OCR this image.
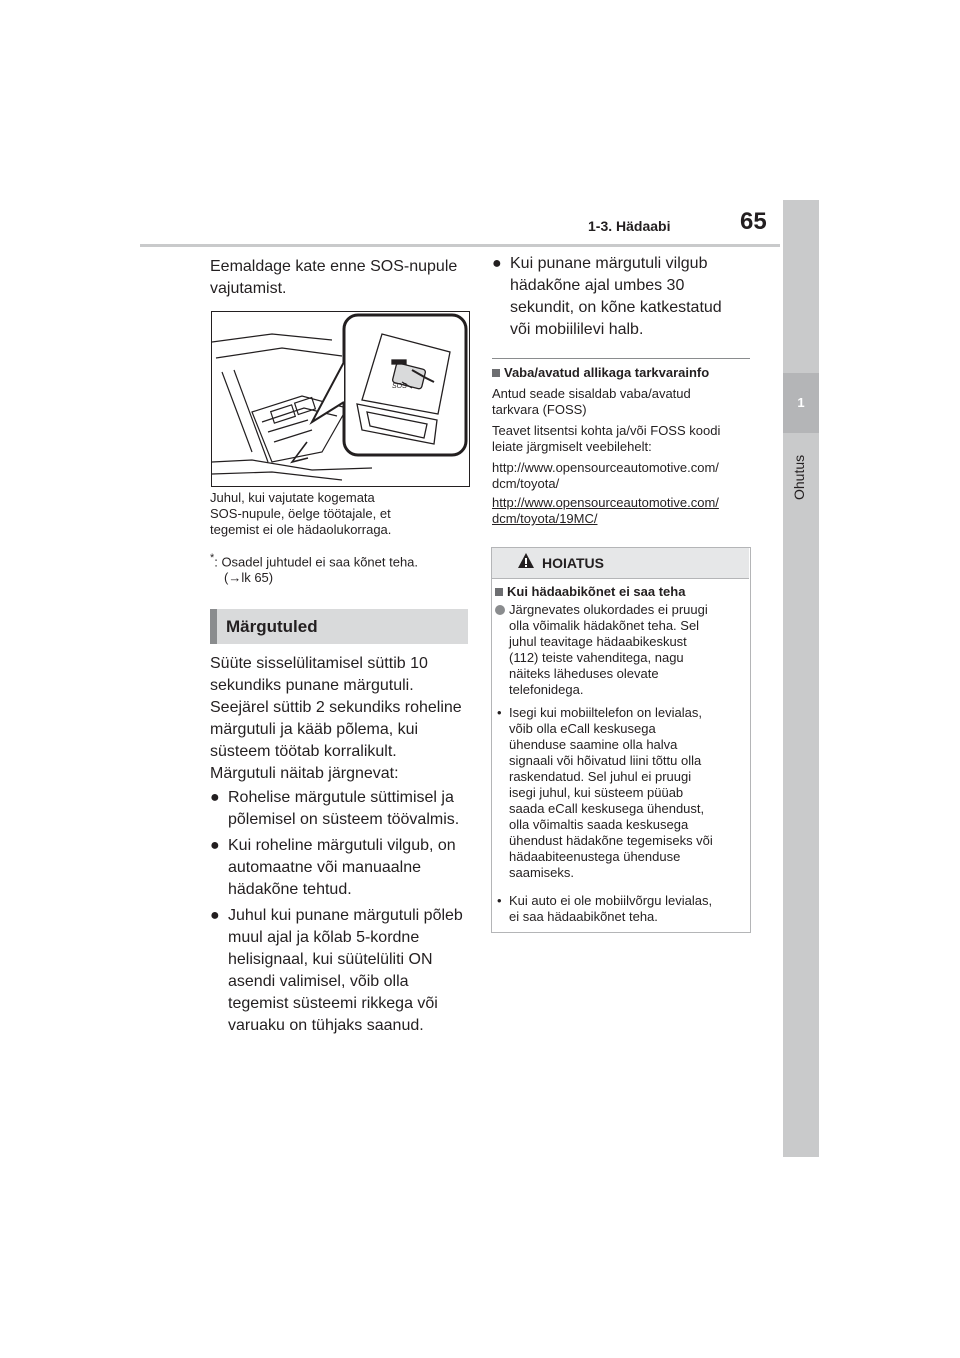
1-3. Hädaabi	65
1
Ohutus
Eemaldage kate enne SOS-nupule
vajutamist.
SOS
Juhul, kui vajutate kogemata
SOS-nupule, öelge töötajale, et
tegemist ei ole hädaolukorraga.
*: Osadel juhtudel ei saa kõnet teha.
(→lk 65)
Märgutuled
Süüte sisselülitamisel süttib 10
sekundiks punane märgutuli.
Seejärel süttib 2 sekundiks roheline
märgutuli ja kääb põlema, kui
süsteem töötab korralikult.
Märgutuli näitab järgnevat:
● Rohelise märgutule süttimisel ja
põlemisel on süsteem töövalmis.
● Kui roheline märgutuli vilgub, on
automaatne või manuaalne
hädakõne tehtud.
● Juhul kui punane märgutuli põleb
muul ajal ja kõlab 5-kordne
helisignaal, kui süütelüliti ON
asendi valimisel, võib olla
tegemist süsteemi rikkega või
varuaku on tühjaks saanud.
● Kui punane märgutuli vilgub
hädakõne ajal umbes 30
sekundit, on kõne katkestatud
või mobiililevi halb.
Vaba/avatud allikaga tarkvarainfo
Antud seade sisaldab vaba/avatud
tarkvara (FOSS)
Teavet litsentsi kohta ja/või FOSS koodi
leiate järgmiselt veebilehelt:
http://www.opensourceautomotive.com/
dcm/toyota/
http://www.opensourceautomotive.com/
dcm/toyota/19MC/
HOIATUS
Kui hädaabikõnet ei saa teha
Järgnevates olukordades ei pruugi
olla võimalik hädakõnet teha. Sel
juhul teavitage hädaabikeskust
(112) teiste vahenditega, nagu
näiteks läheduses olevate
telefonidega.
• Isegi kui mobiiltelefon on levialas,
võib olla eCall keskusega
ühenduse saamine olla halva
signaali või hõivatud liini tõttu olla
raskendatud. Sel juhul ei pruugi
isegi juhul, kui süsteem püüab
saada eCall keskusega ühendust,
olla võimaltis saada keskusega
ühendust hädakõne tegemiseks või
hädaabiteenustega ühenduse
saamiseks.
• Kui auto ei ole mobiilvõrgu levialas,
ei saa hädaabikõnet teha.
